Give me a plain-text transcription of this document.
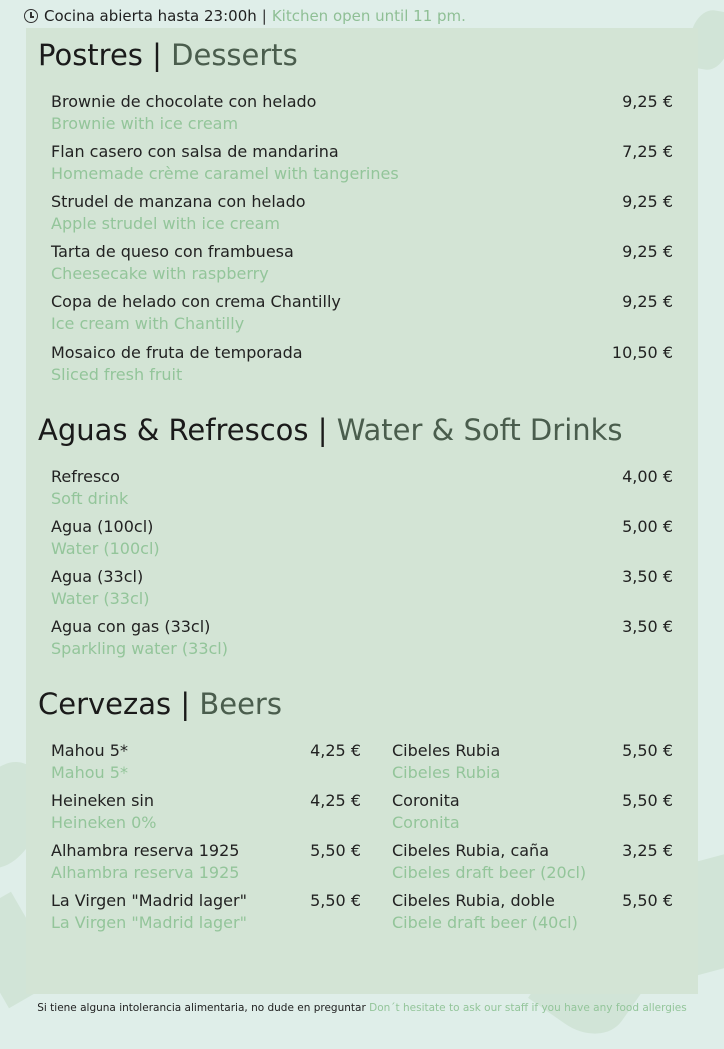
Cocina abierta hasta 23:00h | Kitchen open until 11 pm.
Postres | Desserts
Brownie de chocolate con helado
Brownie with ice cream
9,25 €
Flan casero con salsa de mandarina
Homemade crème caramel with tangerines
7,25 €
Strudel de manzana con helado
Apple strudel with ice cream
9,25 €
Tarta de queso con frambuesa
Cheesecake with raspberry
9,25 €
Copa de helado con crema Chantilly
Ice cream with Chantilly
9,25 €
Mosaico de fruta de temporada
Sliced fresh fruit
10,50 €
Aguas & Refrescos | Water & Soft Drinks
Refresco
Soft drink
4,00 €
Agua (100cl)
Water (100cl)
5,00 €
Agua (33cl)
Water (33cl)
3,50 €
Agua con gas (33cl)
Sparkling water (33cl)
3,50 €
Cervezas | Beers
Mahou 5*
Mahou 5*
4,25 €
Heineken sin
Heineken 0%
4,25 €
Alhambra reserva 1925
Alhambra reserva 1925
5,50 €
La Virgen "Madrid lager"
La Virgen "Madrid lager"
5,50 €
Cibeles Rubia
Cibeles Rubia
5,50 €
Coronita
Coronita
5,50 €
Cibeles Rubia, caña
Cibeles draft beer (20cl)
3,25 €
Cibeles Rubia, doble
Cibele draft beer (40cl)
5,50 €
Si tiene alguna intolerancia alimentaria, no dude en preguntar Don´t hesitate to ask our staff if you have any food allergies
